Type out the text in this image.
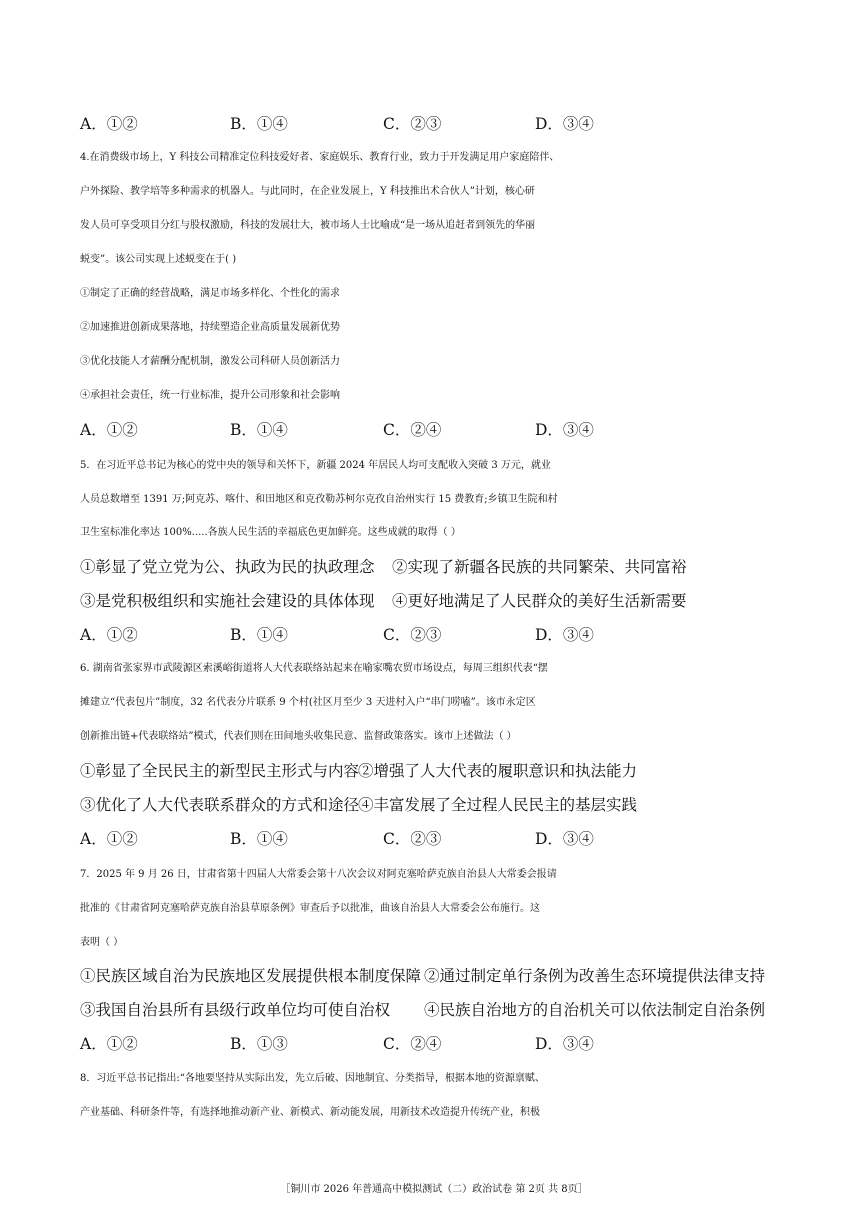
A．①②	B．①④	C．②③	D．③④
4.在消费级市场上，Y 科技公司精准定位科技爱好者、家庭娱乐、教育行业，致力于开发满足用户家庭陪伴、
户外探险、教学培等多种需求的机器人。与此同时，在企业发展上，Y 科技推出术合伙人”计划，核心研
发人员可享受项目分红与股权激励，科技的发展壮大，被市场人士比喻成“是一场从追赶者到领先的华丽
蜕变”。该公司实现上述蜕变在于( )
①制定了正确的经营战略，满足市场多样化、个性化的需求
②加速推进创新成果落地，持续塑造企业高质量发展新优势
③优化技能人才薪酬分配机制，激发公司科研人员创新活力
④承担社会责任，统一行业标准，提升公司形象和社会影响
A．①②	B．①④	C．②④	D．③④
5．在习近平总书记为核心的党中央的领导和关怀下，新疆 2024 年居民人均可支配收入突破 3 万元，就业
人员总数增至 1391 万;阿克苏、喀什、和田地区和克孜勒苏柯尔克孜自治州实行 15 费教育;乡镇卫生院和村
卫生室标准化率达 100%.....各族人民生活的幸福底色更加鲜亮。这些成就的取得（ ）
①彰显了党立党为公、执政为民的执政理念 ②实现了新疆各民族的共同繁荣、共同富裕
③是党积极组织和实施社会建设的具体体现 ④更好地满足了人民群众的美好生活新需要
A．①②	B．①④	C．②③	D．③④
6. 湖南省张家界市武陵源区索溪峪街道将人大代表联络站起来在喻家嘴农贸市场设点，每周三组织代表“摆
摊建立“代表包片”制度，32 名代表分片联系 9 个村(社区月至少 3 天进村入户“串门唠嗑”。该市永定区
创新推出链+代表联络站”模式，代表们则在田间地头收集民意、监督政策落实。该市上述做法（ ）
①彰显了全民民主的新型民主形式与内容
②增强了人大代表的履职意识和执法能力
③优化了人大代表联系群众的方式和途径
④丰富发展了全过程人民民主的基层实践
A．①②	B．①④	C．②③	D．③④
7．2025 年 9 月 26 日，甘肃省第十四届人大常委会第十八次会议对阿克塞哈萨克族自治县人大常委会报请
批准的《甘肃省阿克塞哈萨克族自治县草原条例》审查后予以批准，曲该自治县人大常委会公布施行。这
表明（ ）
①民族区域自治为民族地区发展提供根本制度保障 ②通过制定单行条例为改善生态环境提供法律支持
③我国自治县所有县级行政单位均可使自治权 ④民族自治地方的自治机关可以依法制定自治条例
A．①②	B．①③	C．②④	D．③④
8．习近平总书记指出:“各地要坚持从实际出发，先立后破、因地制宜、分类指导，根据本地的资源禀赋、
产业基础、科研条件等，有选择地推动新产业、新模式、新动能发展，用新技术改造提升传统产业，积极
［铜川市 2026 年普通高中模拟测试（二）政治试卷 第 2页 共 8页］
